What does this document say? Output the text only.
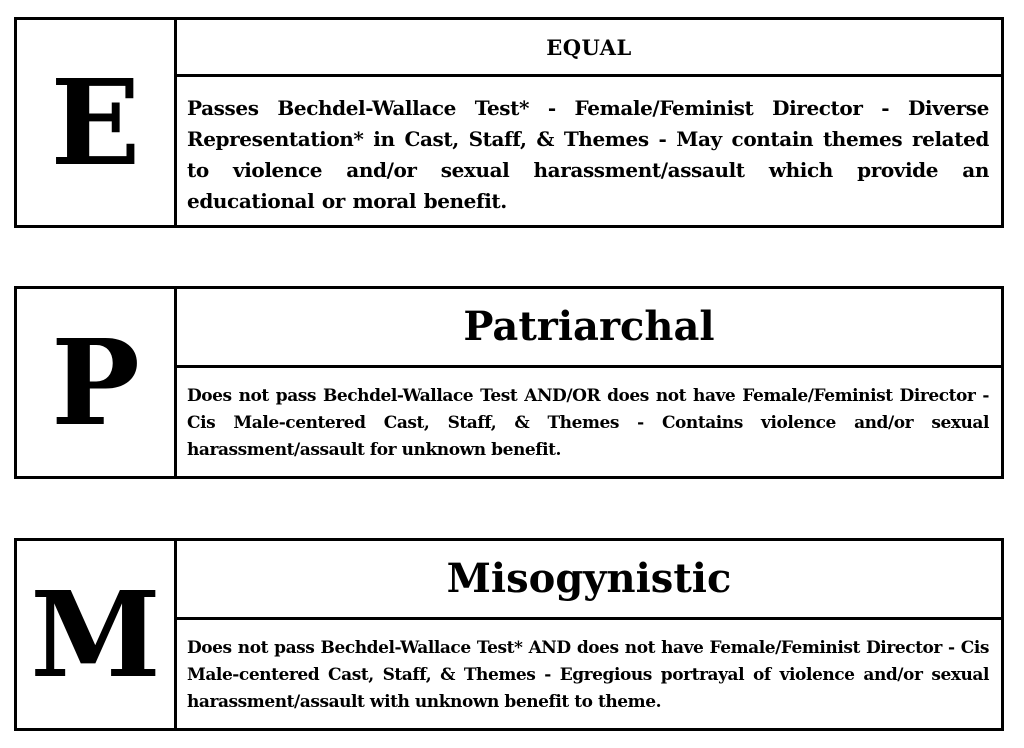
E
EQUAL

Passes Bechdel-Wallace Test* - Female/Feminist Director - Diverse Representation* in Cast, Staff, & Themes - May contain themes related to violence and/or sexual harassment/assault which provide an educational or moral benefit.

P	Patriarchal

Does not pass Bechdel-Wallace Test AND/OR does not have Female/Feminist Director - Cis Male-centered Cast, Staff, & Themes - Contains violence and/or sexual harassment/assault for unknown benefit.

M	Misogynistic

Does not pass Bechdel-Wallace Test* AND does not have Female/Feminist Director - Cis Male-centered Cast, Staff, & Themes - Egregious portrayal of violence and/or sexual harassment/assault with unknown benefit to theme.
